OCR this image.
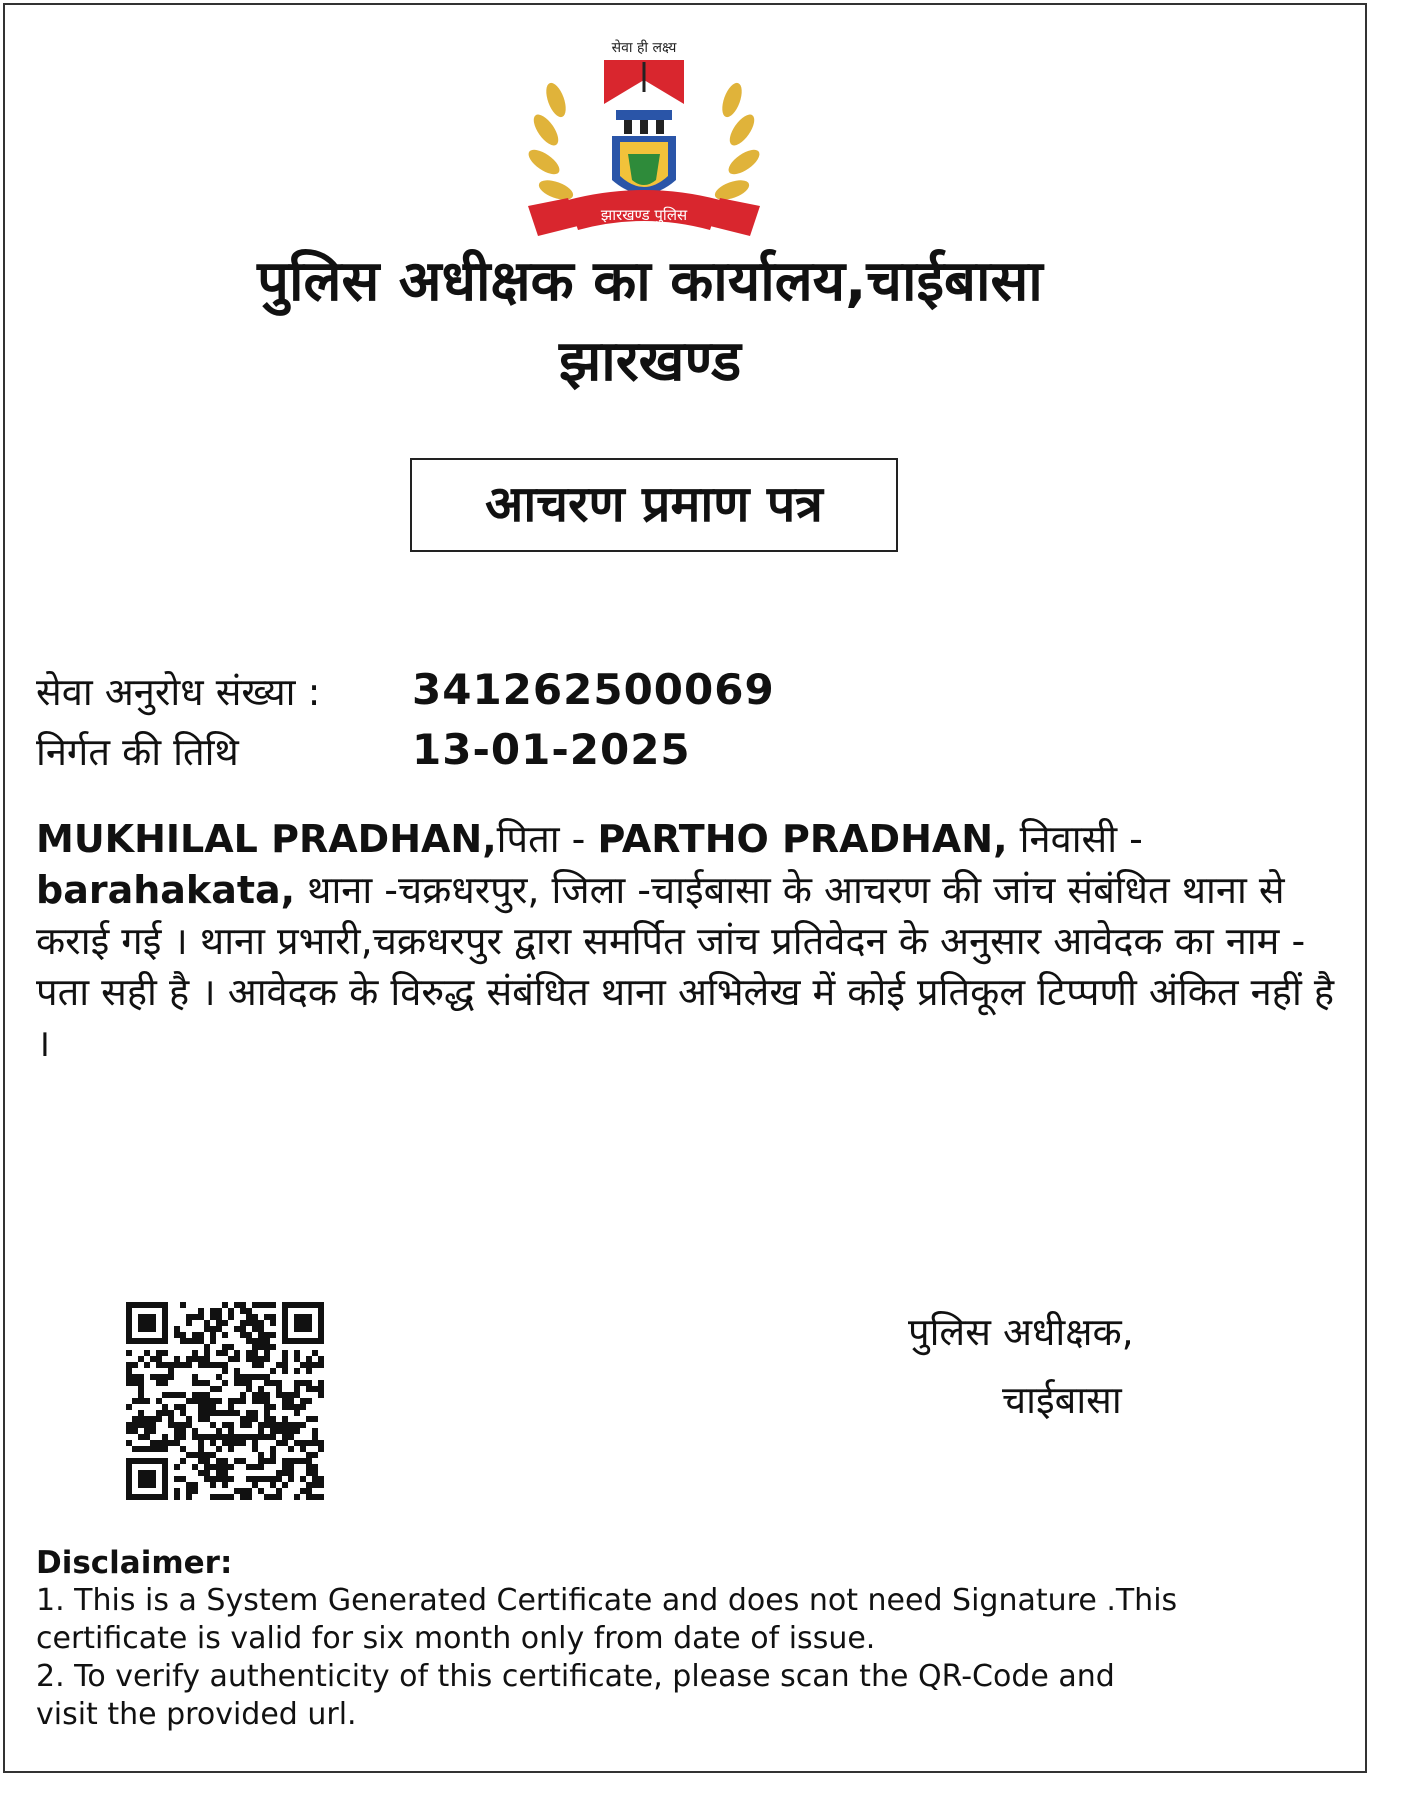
सेवा ही लक्ष्य
झारखण्ड पुलिस
पुलिस अधीक्षक का कार्यालय,चाईबासा
झारखण्ड
आचरण प्रमाण पत्र
सेवा अनुरोध संख्या : 341262500069
निर्गत की तिथि	13-01-2025
MUKHILAL PRADHAN,पिता - PARTHO PRADHAN, निवासी - barahakata, थाना -चक्रधरपुर, जिला -चाईबासा के आचरण की जांच संबंधित थाना से कराई गई । थाना प्रभारी,चक्रधरपुर द्वारा समर्पित जांच प्रतिवेदन के अनुसार आवेदक का नाम - पता सही है । आवेदक के विरुद्ध संबंधित थाना अभिलेख में कोई प्रतिकूल टिप्पणी अंकित नहीं है ।
पुलिस अधीक्षक,
चाईबासा
Disclaimer:
1. This is a System Generated Certificate and does not need Signature .This
certificate is valid for six month only from date of issue.
2. To verify authenticity of this certificate, please scan the QR-Code and
visit the provided url.
